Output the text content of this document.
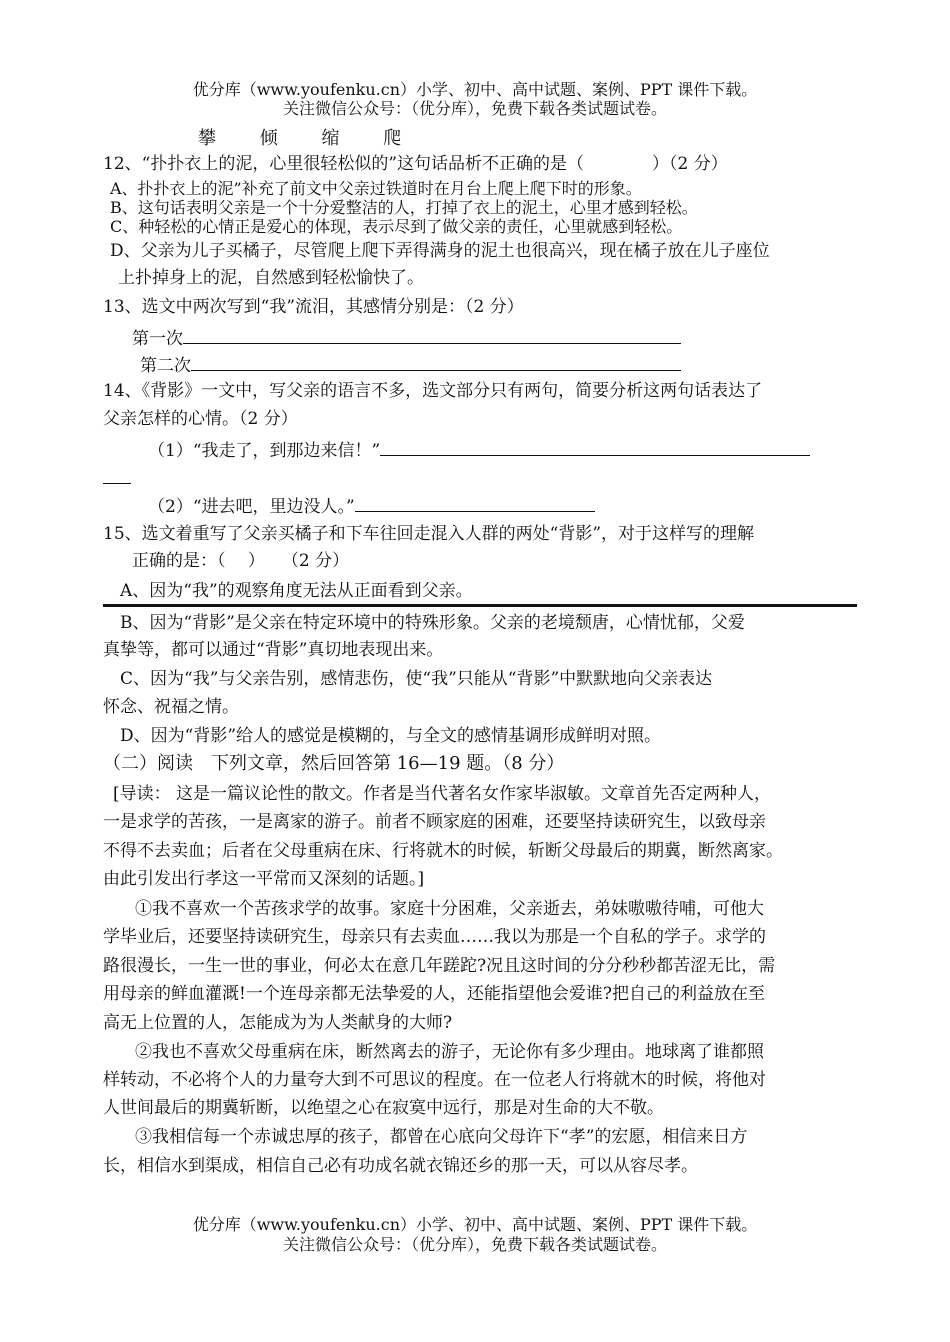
优分库（www.youfenku.cn）小学、初中、高中试题、案例、PPT 课件下载。
关注微信公众号：（优分库），免费下载各类试题试卷。
攀 倾 缩 爬
12、“扑扑衣上的泥，心里很轻松似的”这句话品析不正确的是（　　　　）（2 分）
A、扑扑衣上的泥”补充了前文中父亲过铁道时在月台上爬上爬下时的形象。
B、这句话表明父亲是一个十分爱整洁的人，打掉了衣上的泥土，心里才感到轻松。
C、种轻松的心情正是爱心的体现，表示尽到了做父亲的责任，心里就感到轻松。
D、父亲为儿子买橘子，尽管爬上爬下弄得满身的泥土也很高兴，现在橘子放在儿子座位
上扑掉身上的泥，自然感到轻松愉快了。
13、选文中两次写到“我”流泪，其感情分别是：（2 分）
第一次
第二次
14、《背影》一文中，写父亲的语言不多，选文部分只有两句，简要分析这两句话表达了
父亲怎样的心情。（2 分）
（1）“我走了，到那边来信！”
（2）“进去吧，里边没人。”
15、选文着重写了父亲买橘子和下车往回走混入人群的两处“背影”，对于这样写的理解
正确的是：（　 ）　　（2 分）
A、因为“我”的观察角度无法从正面看到父亲。
B、因为“背影”是父亲在特定环境中的特殊形象。父亲的老境颓唐，心情忧郁，父爱
真挚等，都可以通过“背影”真切地表现出来。
C、因为“我”与父亲告别，感情悲伤，使“我”只能从“背影”中默默地向父亲表达
怀念、祝福之情。
D、因为“背影”给人的感觉是模糊的，与全文的感情基调形成鲜明对照。
（二）阅读　下列文章，然后回答第 16—19 题。（8 分）
[导读： 这是一篇议论性的散文。作者是当代著名女作家毕淑敏。文章首先否定两种人，
一是求学的苦孩，一是离家的游子。前者不顾家庭的困难，还要坚持读研究生，以致母亲
不得不去卖血；后者在父母重病在床、行将就木的时候，斩断父母最后的期冀，断然离家。
由此引发出行孝这一平常而又深刻的话题。]
①我不喜欢一个苦孩求学的故事。家庭十分困难，父亲逝去，弟妹嗷嗷待哺，可他大
学毕业后，还要坚持读研究生，母亲只有去卖血……我以为那是一个自私的学子。求学的
路很漫长，一生一世的事业，何必太在意几年蹉跎?况且这时间的分分秒秒都苦涩无比，需
用母亲的鲜血灌溉!一个连母亲都无法挚爱的人，还能指望他会爱谁?把自己的利益放在至
高无上位置的人，怎能成为为人类献身的大师?
②我也不喜欢父母重病在床，断然离去的游子，无论你有多少理由。地球离了谁都照
样转动，不必将个人的力量夸大到不可思议的程度。在一位老人行将就木的时候，将他对
人世间最后的期冀斩断，以绝望之心在寂寞中远行，那是对生命的大不敬。
③我相信每一个赤诚忠厚的孩子，都曾在心底向父母许下“孝”的宏愿，相信来日方
长，相信水到渠成，相信自己必有功成名就衣锦还乡的那一天，可以从容尽孝。
优分库（www.youfenku.cn）小学、初中、高中试题、案例、PPT 课件下载。
关注微信公众号：（优分库），免费下载各类试题试卷。
